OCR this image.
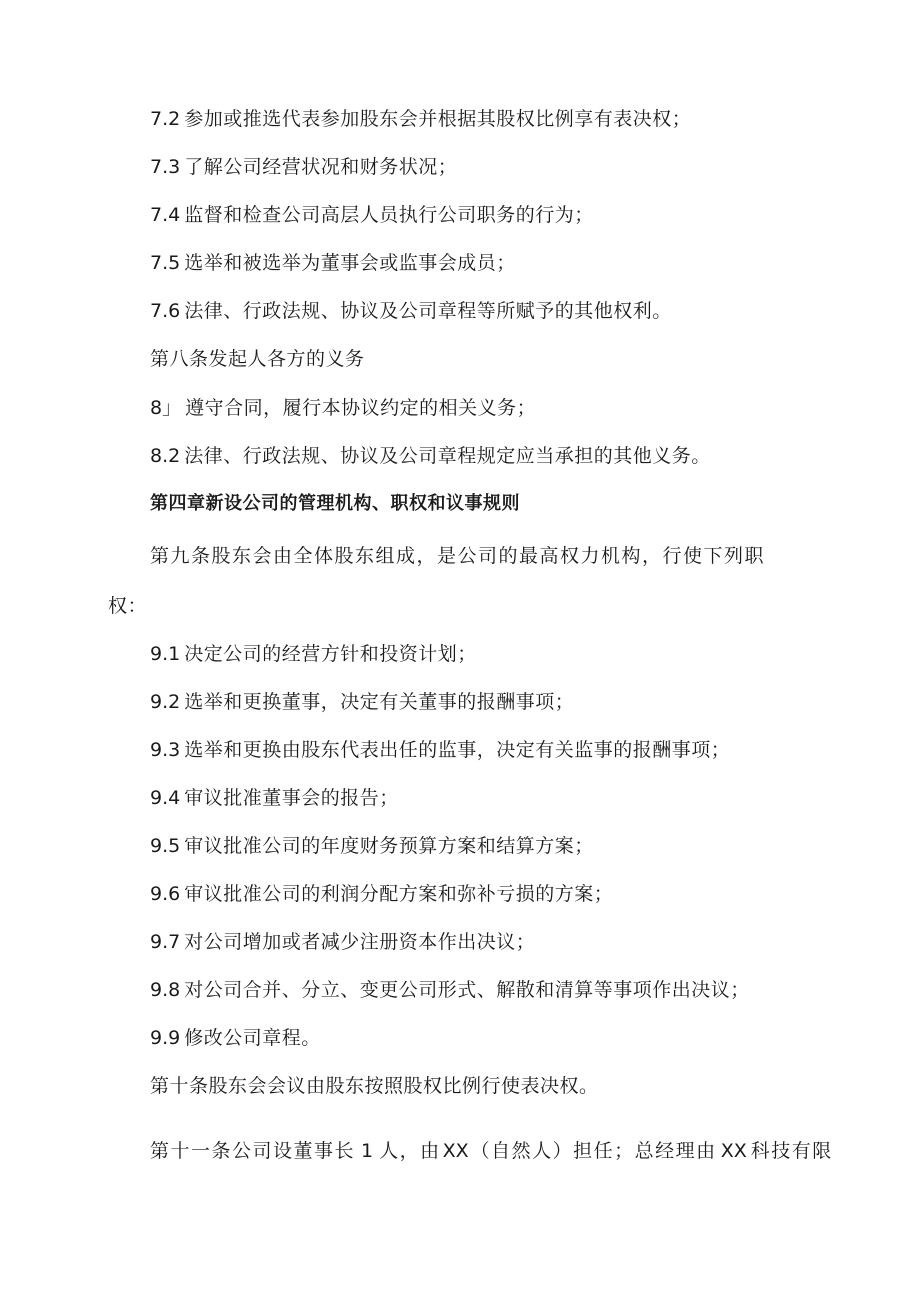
7.2 参加或推选代表参加股东会并根据其股权比例享有表决权；
7.3 了解公司经营状况和财务状况；
7.4 监督和检查公司高层人员执行公司职务的行为；
7.5 选举和被选举为董事会或监事会成员；
7.6 法律、行政法规、协议及公司章程等所赋予的其他权利。
第八条发起人各方的义务
8」 遵守合同，履行本协议约定的相关义务；
8.2 法律、行政法规、协议及公司章程规定应当承担的其他义务。
第四章新设公司的管理机构、职权和议事规则
第九条股东会由全体股东组成，是公司的最高权力机构，行使下列职
权：
9.1 决定公司的经营方针和投资计划；
9.2 选举和更换董事，决定有关董事的报酬事项；
9.3 选举和更换由股东代表出任的监事，决定有关监事的报酬事项；
9.4 审议批准董事会的报告；
9.5 审议批准公司的年度财务预算方案和结算方案；
9.6 审议批准公司的利润分配方案和弥补亏损的方案；
9.7 对公司增加或者减少注册资本作出决议；
9.8 对公司合并、分立、变更公司形式、解散和清算等事项作出决议；
9.9 修改公司章程。
第十条股东会会议由股东按照股权比例行使表决权。
第十一条公司设董事长 1 人，由 XX （自然人）担任；总经理由 XX 科技有限
